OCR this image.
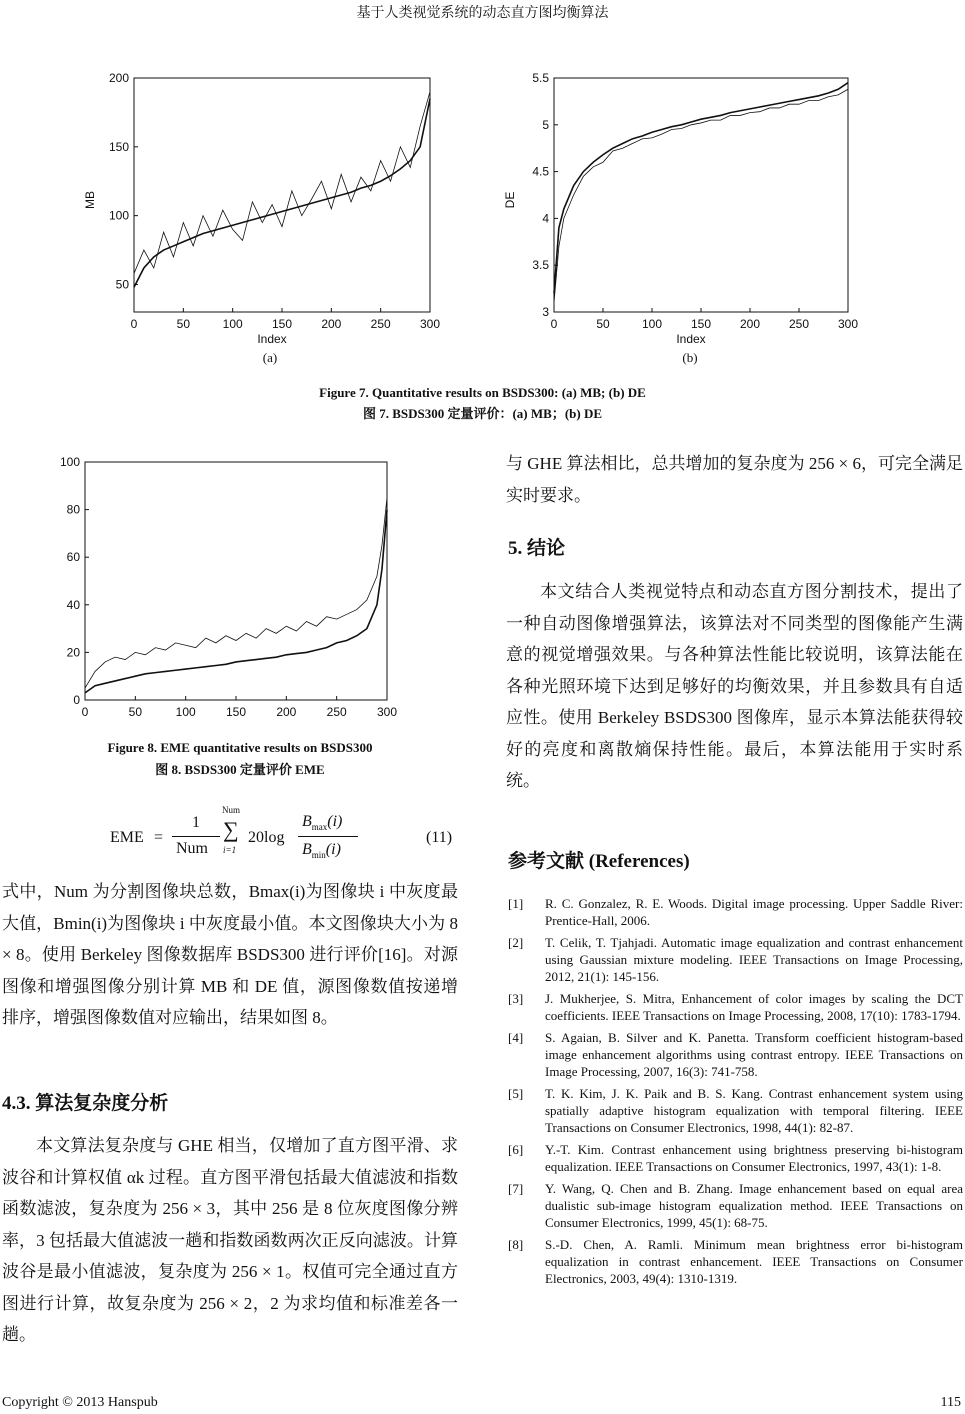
基于人类视觉系统的动态直方图均衡算法
0	50	100 150 200 250 300
50
100
150
200
Index
MB
0	50	100 150 200 250 300
3
3.5
4
4.5
5
5.5
Index
DE
0	50	100	150	200	250	300
0
20
40
60
80
100
(a)	(b)
Figure 7. Quantitative results on BSDS300: (a) MB; (b) DE
图 7. BSDS300 定量评价：(a) MB；(b) DE
Figure 8. EME quantitative results on BSDS300
图 8. BSDS300 定量评价 EME
EME =
1
Num
Num
∑
i=1
20log
$B_{max}(i)$
$B_{min}(i)$
(11)

式中，Num 为分割图像块总数，Bmax(i)为图像块 i 中灰度最大值，Bmin(i)为图像块 i 中灰度最小值。本文图像块大小为 8 × 8。使用 Berkeley 图像数据库 BSDS300 进行评价[16]。对源图像和增强图像分别计算 MB 和 DE 值，源图像数值按递增排序，增强图像数值对应输出，结果如图 8。

4.3. 算法复杂度分析

本文算法复杂度与 GHE 相当，仅增加了直方图平滑、求波谷和计算权值 αk 过程。直方图平滑包括最大值滤波和指数函数滤波，复杂度为 256 × 3，其中 256 是 8 位灰度图像分辨率，3 包括最大值滤波一趟和指数函数两次正反向滤波。计算波谷是最小值滤波，复杂度为 256 × 1。权值可完全通过直方图进行计算，故复杂度为 256 × 2，2 为求均值和标准差各一趟。

与 GHE 算法相比，总共增加的复杂度为 256 × 6，可完全满足实时要求。

5. 结论

本文结合人类视觉特点和动态直方图分割技术，提出了一种自动图像增强算法，该算法对不同类型的图像能产生满意的视觉增强效果。与各种算法性能比较说明，该算法能在各种光照环境下达到足够好的均衡效果，并且参数具有自适应性。使用 Berkeley BSDS300 图像库，显示本算法能获得较好的亮度和离散熵保持性能。最后，本算法能用于实时系统。

参考文献 (References)
[1]	R. C. Gonzalez, R. E. Woods. Digital image processing. Upper Saddle River: Prentice-Hall, 2006.
[2]	T. Celik, T. Tjahjadi. Automatic image equalization and contrast enhancement using Gaussian mixture modeling. IEEE Transactions on Image Processing, 2012, 21(1): 145-156.
[3]	J. Mukherjee, S. Mitra, Enhancement of color images by scaling the DCT coefficients. IEEE Transactions on Image Processing, 2008, 17(10): 1783-1794.
[4]	S. Agaian, B. Silver and K. Panetta. Transform coefficient histogram-based image enhancement algorithms using contrast entropy. IEEE Transactions on Image Processing, 2007, 16(3): 741-758.
[5]	T. K. Kim, J. K. Paik and B. S. Kang. Contrast enhancement system using spatially adaptive histogram equalization with temporal filtering. IEEE Transactions on Consumer Electronics, 1998, 44(1): 82-87.
[6]	Y.-T. Kim. Contrast enhancement using brightness preserving bi-histogram equalization. IEEE Transactions on Consumer Electronics, 1997, 43(1): 1-8.
[7]	Y. Wang, Q. Chen and B. Zhang. Image enhancement based on equal area dualistic sub-image histogram equalization method. IEEE Transactions on Consumer Electronics, 1999, 45(1): 68-75.
[8]	S.-D. Chen, A. Ramli. Minimum mean brightness error bi-histogram equalization in contrast enhancement. IEEE Transactions on Consumer Electronics, 2003, 49(4): 1310-1319.
Copyright © 2013 Hanspub	115
